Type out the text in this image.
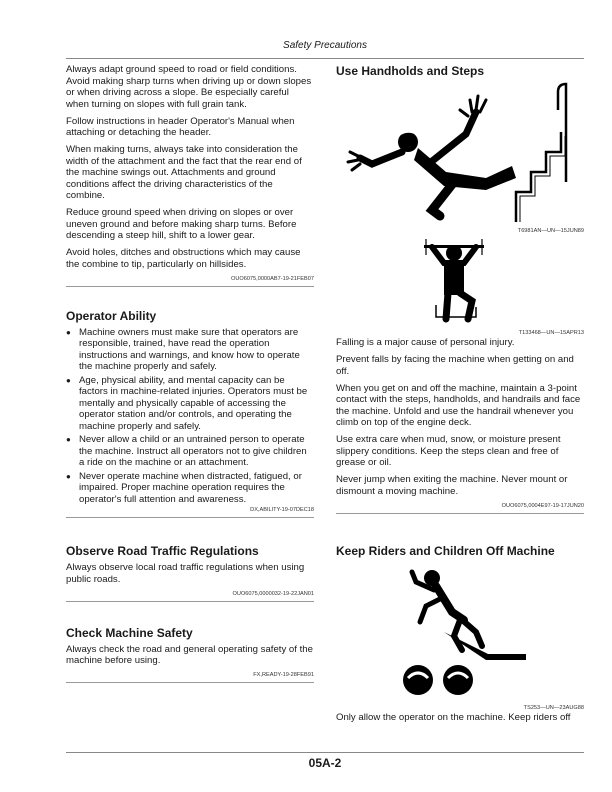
Safety Precautions
Always adapt ground speed to road or field conditions. Avoid making sharp turns when driving up or down slopes or when driving across a slope. Be especially careful when turning on slopes with full grain tank.
Follow instructions in header Operator's Manual when attaching or detaching the header.
When making turns, always take into consideration the width of the attachment and the fact that the rear end of the machine swings out. Attachments and ground conditions affect the driving characteristics of the combine.
Reduce ground speed when driving on slopes or over uneven ground and before making sharp turns. Before descending a steep hill, shift to a lower gear.
Avoid holes, ditches and obstructions which may cause the combine to tip, particularly on hillsides.
OUO6075,0000AB7-19-21FEB07
Operator Ability
● Machine owners must make sure that operators are responsible, trained, have read the operation instructions and warnings, and know how to operate the machine properly and safely.
● Age, physical ability, and mental capacity can be factors in machine-related injuries. Operators must be mentally and physically capable of accessing the operator station and/or controls, and operating the machine properly and safely.
● Never allow a child or an untrained person to operate the machine. Instruct all operators not to give children a ride on the machine or an attachment.
● Never operate machine when distracted, fatigued, or impaired. Proper machine operation requires the operator's full attention and awareness.
DX,ABILITY-19-07DEC18
Observe Road Traffic Regulations
Always observe local road traffic regulations when using public roads.
OUO6075,0000032-19-22JAN01
Check Machine Safety
Always check the road and general operating safety of the machine before using.
FX,READY-19-28FEB91
Use Handholds and Steps
T6981AN—UN—15JUN89
T133468—UN—15APR13
Falling is a major cause of personal injury.
Prevent falls by facing the machine when getting on and off.
When you get on and off the machine, maintain a 3-point contact with the steps, handholds, and handrails and face the machine. Unfold and use the handrail whenever you climb on top of the engine deck.
Use extra care when mud, snow, or moisture present slippery conditions. Keep the steps clean and free of grease or oil.
Never jump when exiting the machine. Never mount or dismount a moving machine.
OUO6075,0004E97-19-17JUN20
Keep Riders and Children Off Machine
TS253—UN—23AUG88
Only allow the operator on the machine. Keep riders off
05A-2
